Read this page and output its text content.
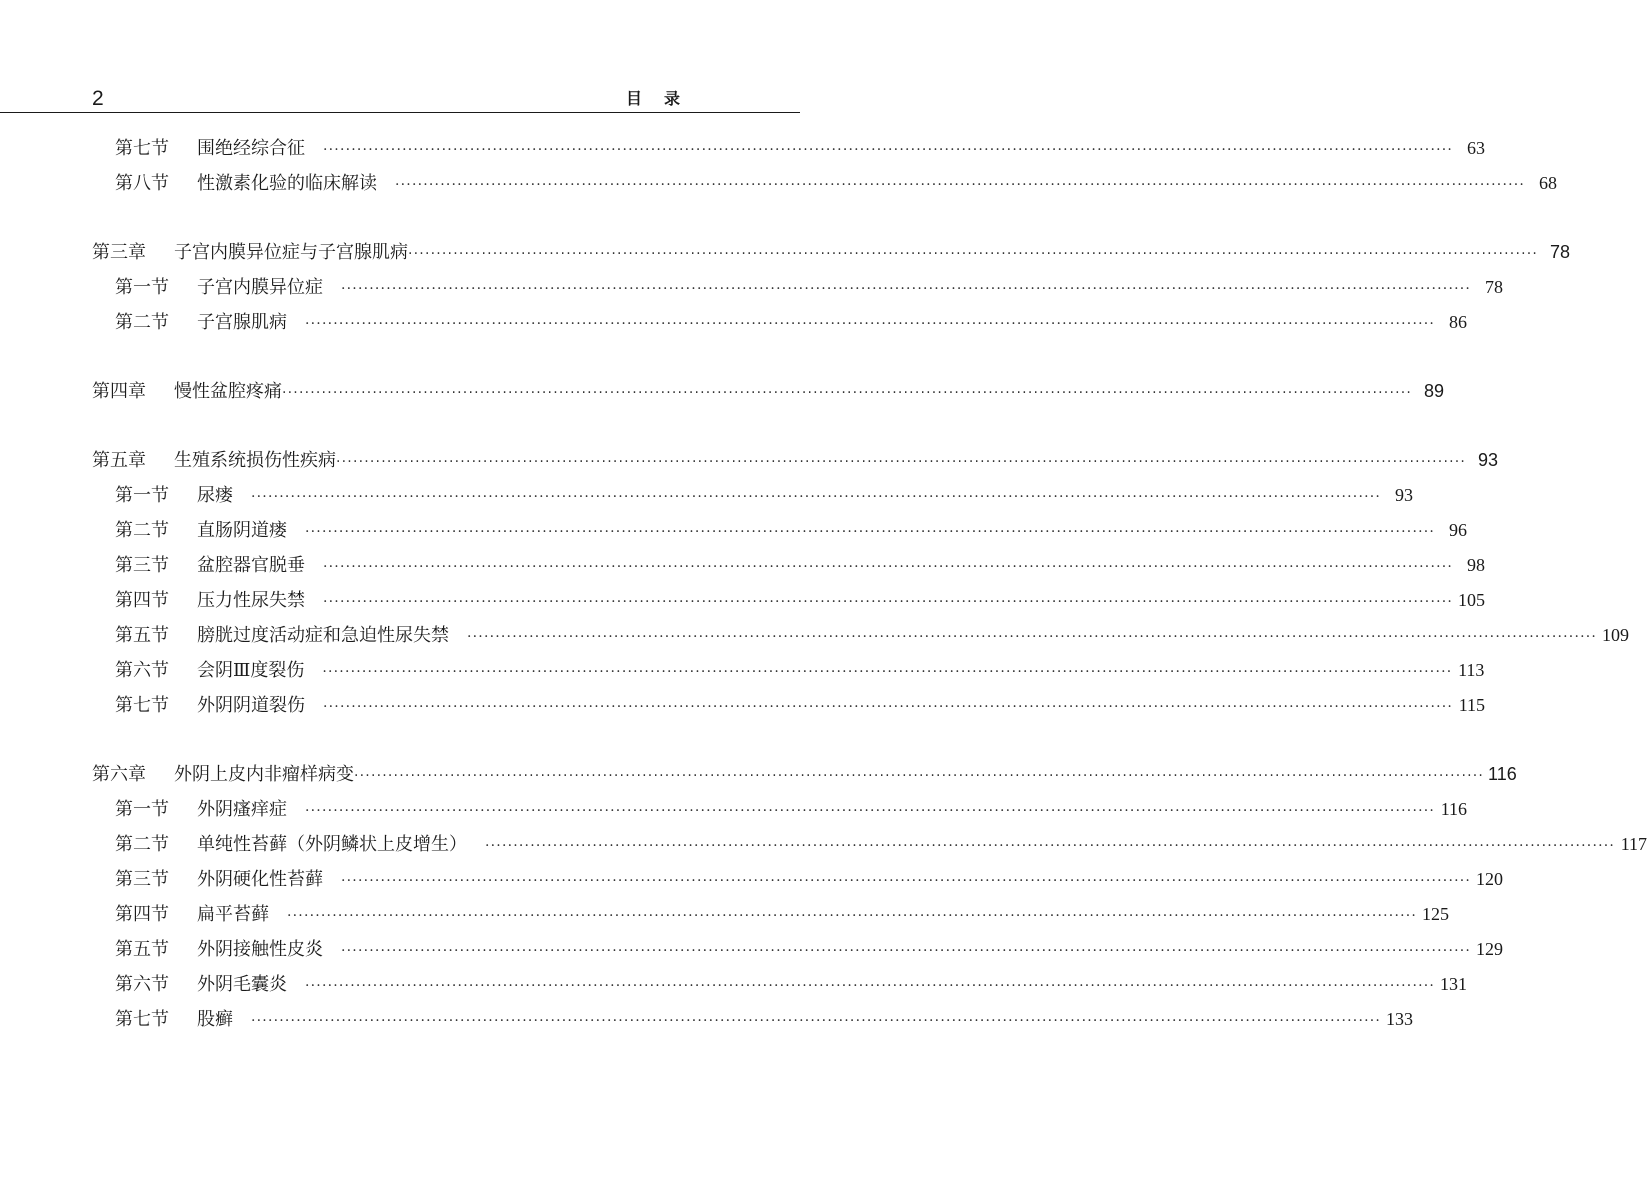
2	目录
第七节	围绝经综合征	········································································································································································································ 63
第八节	性激素化验的临床解读	········································································································································································································ 68
第三章	子宫内膜异位症与子宫腺肌病 ········································································································································································································ 78
第一节	子宫内膜异位症	········································································································································································································ 78
第二节	子宫腺肌病	········································································································································································································ 86
第四章	慢性盆腔疼痛 ········································································································································································································ 89
第五章	生殖系统损伤性疾病 ········································································································································································································ 93
第一节	尿瘘	········································································································································································································ 93
第二节	直肠阴道瘘	········································································································································································································ 96
第三节	盆腔器官脱垂	········································································································································································································ 98
第四节	压力性尿失禁	········································································································································································································ 105
第五节	膀胱过度活动症和急迫性尿失禁	········································································································································································································ 109
第六节	会阴Ⅲ度裂伤	········································································································································································································ 113
第七节	外阴阴道裂伤	········································································································································································································ 115
第六章	外阴上皮内非瘤样病变 ········································································································································································································ 116
第一节	外阴瘙痒症	········································································································································································································ 116
第二节	单纯性苔藓（外阴鳞状上皮增生）	········································································································································································································ 117
第三节	外阴硬化性苔藓	········································································································································································································ 120
第四节	扁平苔藓	········································································································································································································ 125
第五节	外阴接触性皮炎	········································································································································································································ 129
第六节	外阴毛囊炎	········································································································································································································ 131
第七节	股癣	········································································································································································································ 133
